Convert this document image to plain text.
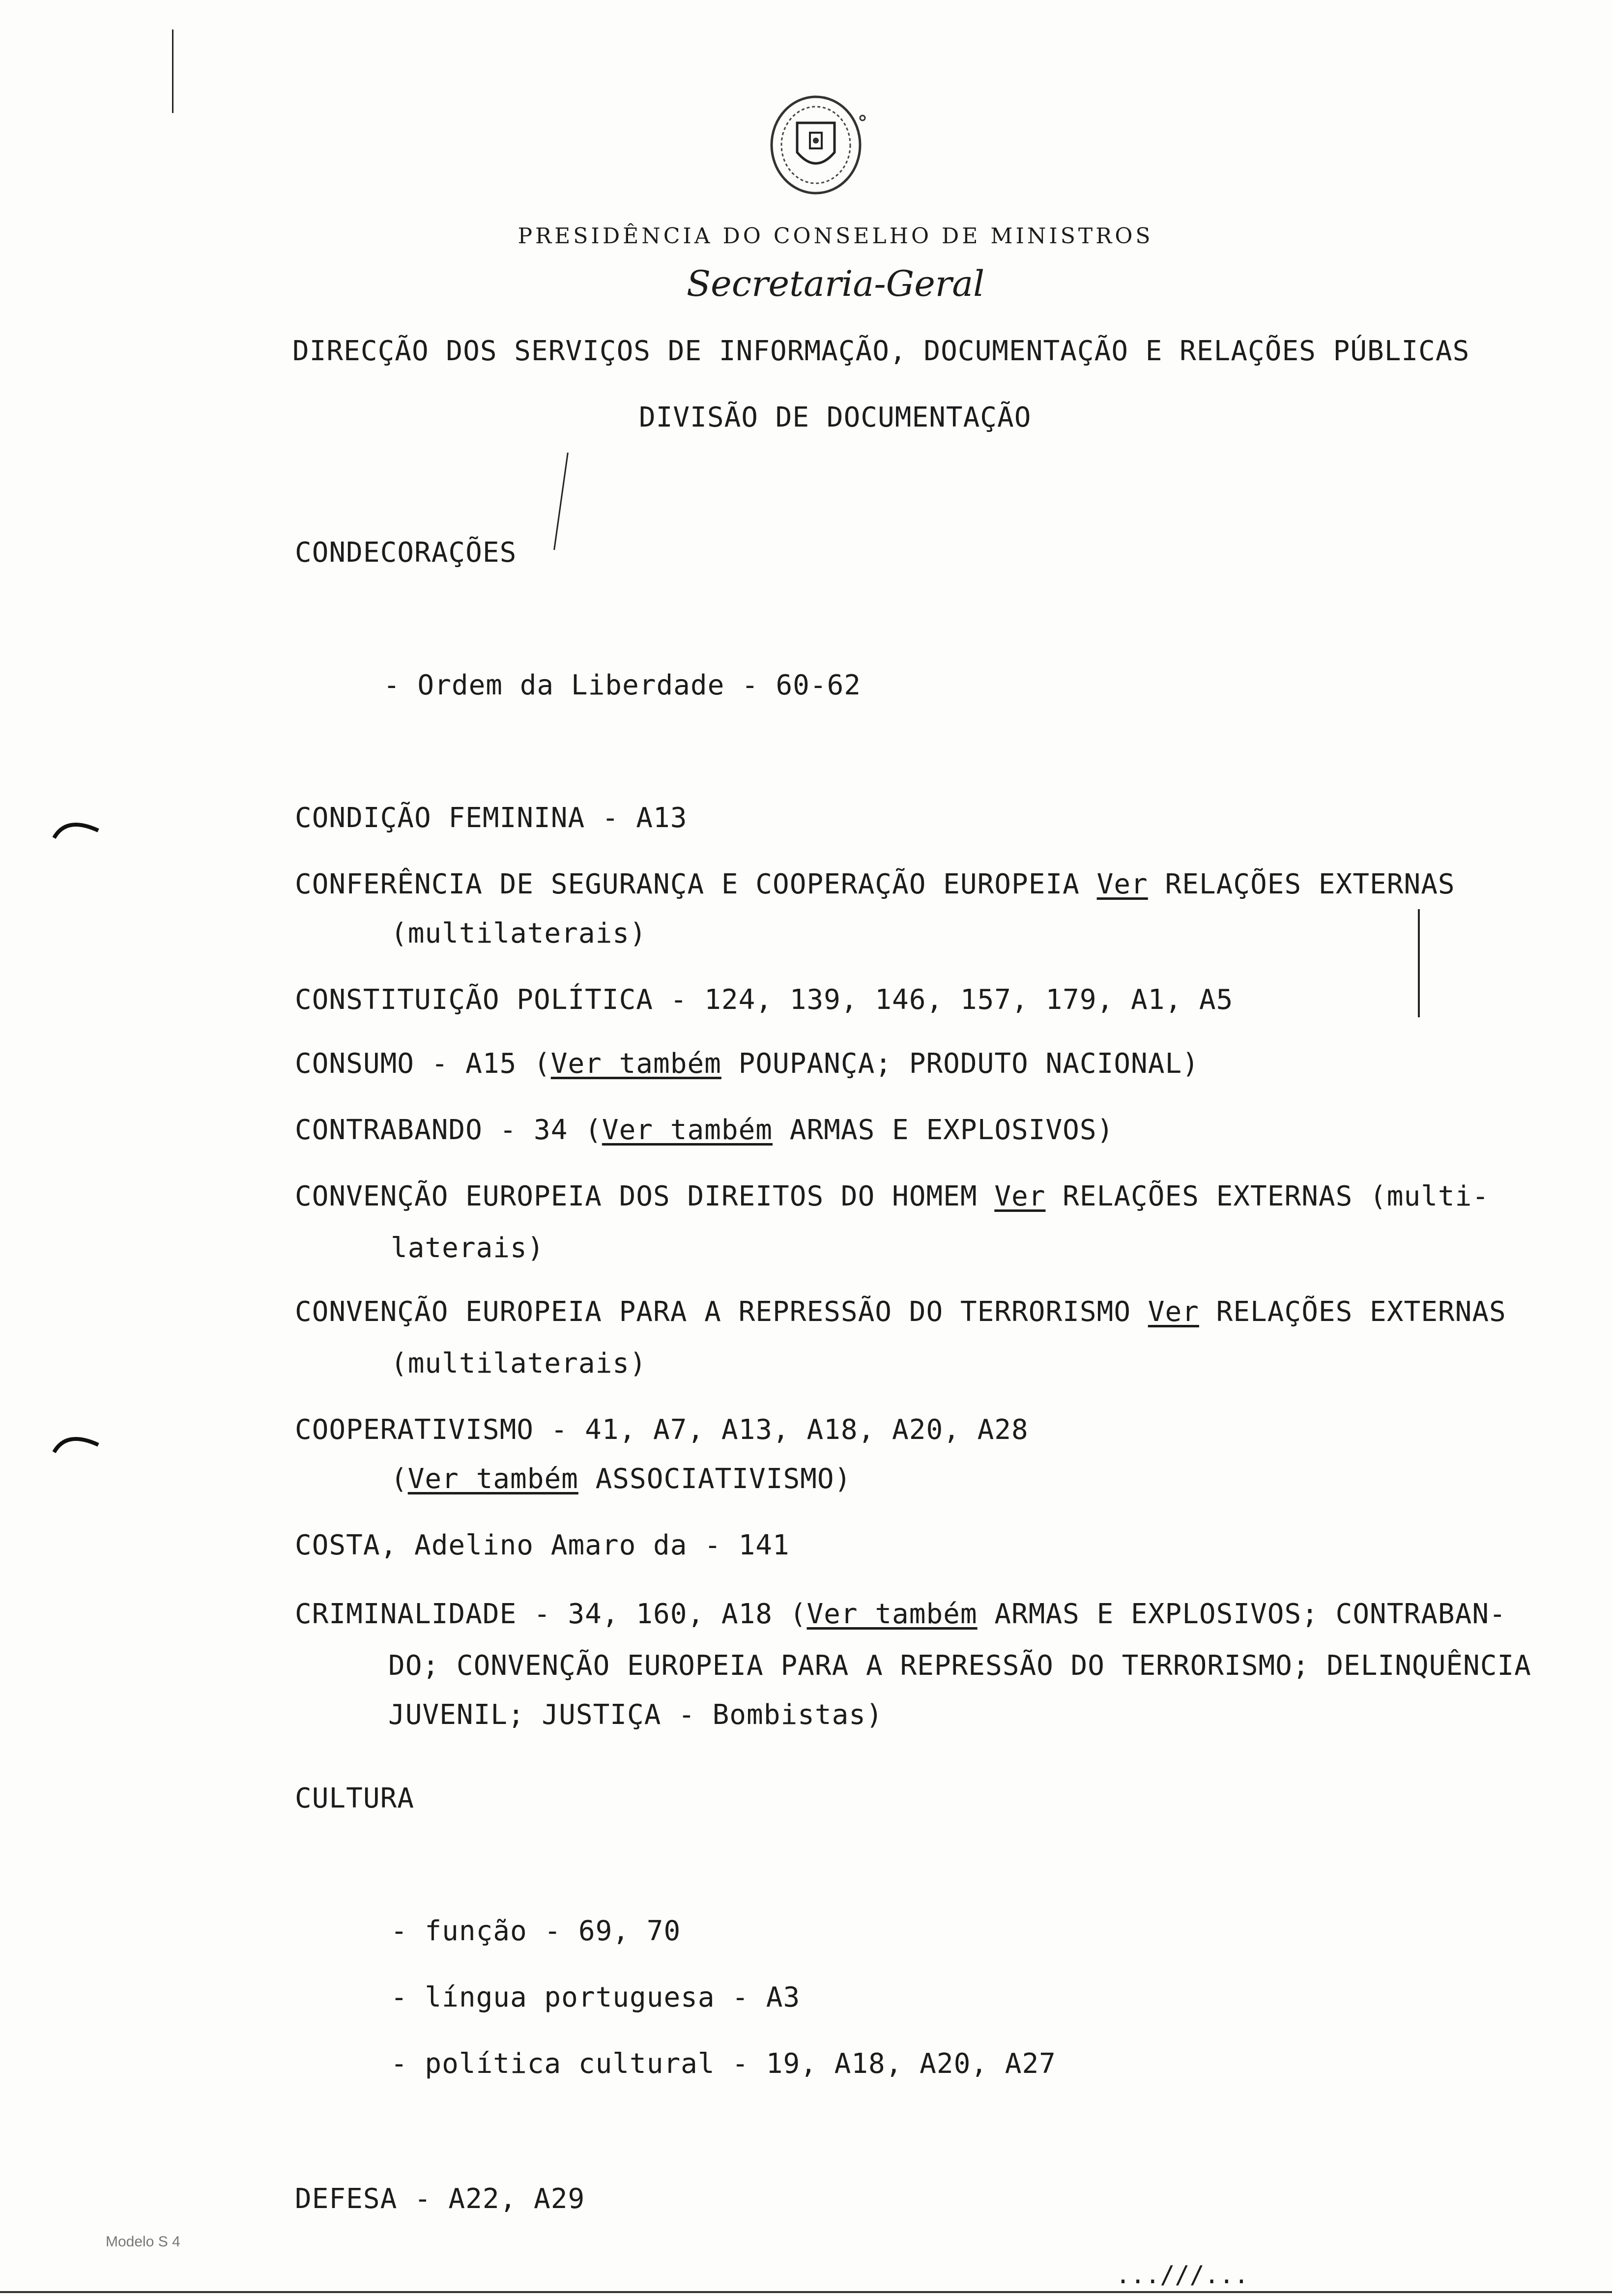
PRESIDÊNCIA DO CONSELHO DE MINISTROS
Secretaria-Geral
DIRECÇÃO DOS SERVIÇOS DE INFORMAÇÃO, DOCUMENTAÇÃO E RELAÇÕES PÚBLICAS
DIVISÃO DE DOCUMENTAÇÃO
CONDECORAÇÕES
- Ordem da Liberdade - 60-62
CONDIÇÃO FEMININA - A13
CONFERÊNCIA DE SEGURANÇA E COOPERAÇÃO EUROPEIA Ver RELAÇÕES EXTERNAS
(multilaterais)
CONSTITUIÇÃO POLÍTICA - 124, 139, 146, 157, 179, A1, A5
CONSUMO - A15 (Ver também POUPANÇA; PRODUTO NACIONAL)
CONTRABANDO - 34 (Ver também ARMAS E EXPLOSIVOS)
CONVENÇÃO EUROPEIA DOS DIREITOS DO HOMEM Ver RELAÇÕES EXTERNAS (multi-
laterais)
CONVENÇÃO EUROPEIA PARA A REPRESSÃO DO TERRORISMO Ver RELAÇÕES EXTERNAS
(multilaterais)
COOPERATIVISMO - 41, A7, A13, A18, A20, A28
(Ver também ASSOCIATIVISMO)
COSTA, Adelino Amaro da - 141
CRIMINALIDADE - 34, 160, A18 (Ver também ARMAS E EXPLOSIVOS; CONTRABAN-
DO; CONVENÇÃO EUROPEIA PARA A REPRESSÃO DO TERRORISMO; DELINQUÊNCIA
JUVENIL; JUSTIÇA - Bombistas)
CULTURA
- função - 69, 70
- língua portuguesa - A3
- política cultural - 19, A18, A20, A27
DEFESA - A22, A29
Modelo S 4
...///...
